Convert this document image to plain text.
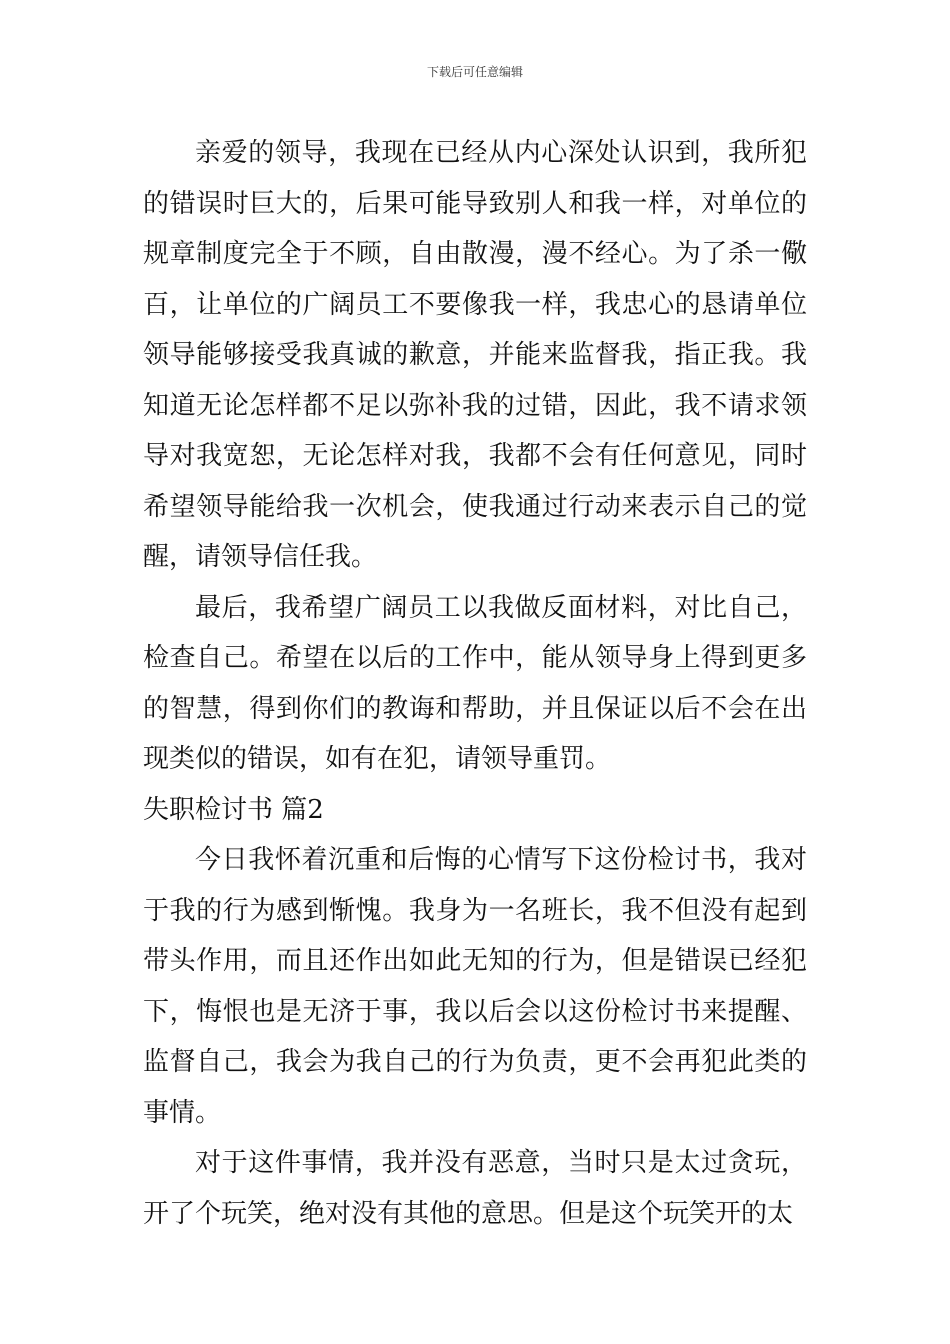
下载后可任意编辑

亲爱的领导，我现在已经从内心深处认识到，我所犯的错误时巨大的，后果可能导致别人和我一样，对单位的规章制度完全于不顾，自由散漫，漫不经心。为了杀一儆百，让单位的广阔员工不要像我一样，我忠心的恳请单位领导能够接受我真诚的歉意，并能来监督我，指正我。我知道无论怎样都不足以弥补我的过错，因此，我不请求领导对我宽恕，无论怎样对我，我都不会有任何意见，同时希望领导能给我一次机会，使我通过行动来表示自己的觉醒，请领导信任我。

最后，我希望广阔员工以我做反面材料，对比自己，检查自己。希望在以后的工作中，能从领导身上得到更多的智慧，得到你们的教诲和帮助，并且保证以后不会在出现类似的错误，如有在犯，请领导重罚。

失职检讨书 篇2

今日我怀着沉重和后悔的心情写下这份检讨书，我对于我的行为感到惭愧。我身为一名班长，我不但没有起到带头作用，而且还作出如此无知的行为，但是错误已经犯下，悔恨也是无济于事，我以后会以这份检讨书来提醒、监督自己，我会为我自己的行为负责，更不会再犯此类的事情。

对于这件事情，我并没有恶意，当时只是太过贪玩，开了个玩笑，绝对没有其他的意思。但是这个玩笑开的太
